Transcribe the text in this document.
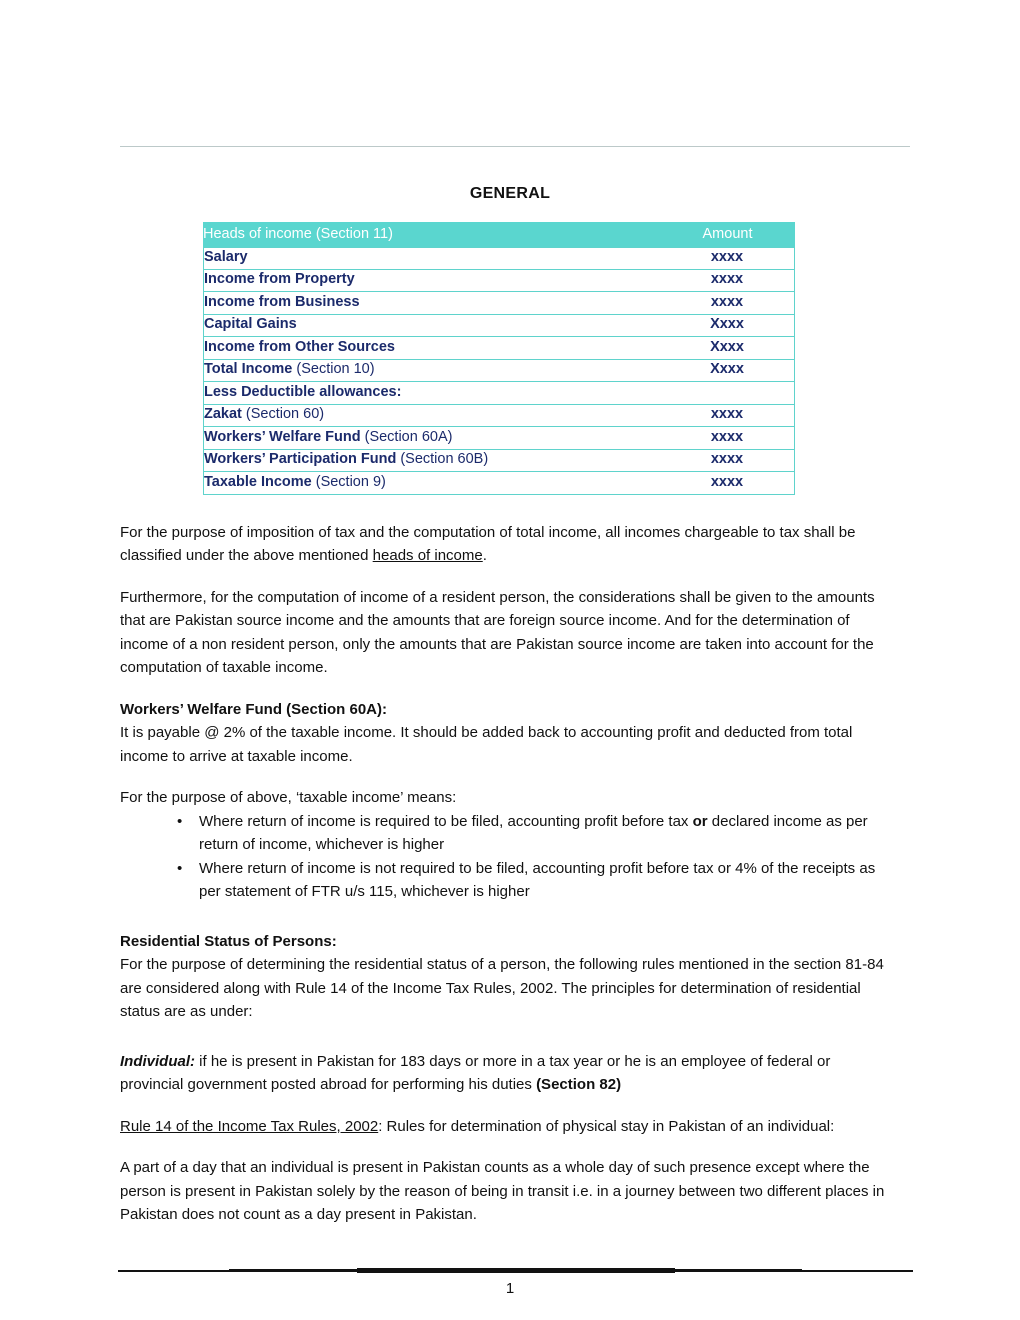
GENERAL
Heads of income (Section 11)	Amount
Salary	xxxx
Income from Property	xxxx
Income from Business	xxxx
Capital Gains	Xxxx
Income from Other Sources	Xxxx
Total Income (Section 10)	Xxxx
Less Deductible allowances:	
Zakat (Section 60)	xxxx
Workers’ Welfare Fund (Section 60A)	xxxx
Workers’ Participation Fund (Section 60B)	xxxx
Taxable Income (Section 9)	xxxx

For the purpose of imposition of tax and the computation of total income, all incomes chargeable to tax shall be classified under the above mentioned heads of income.

Furthermore, for the computation of income of a resident person, the considerations shall be given to the amounts that are Pakistan source income and the amounts that are foreign source income. And for the determination of income of a non resident person, only the amounts that are Pakistan source income are taken into account for the computation of taxable income.

Workers’ Welfare Fund (Section 60A):

It is payable @ 2% of the taxable income. It should be added back to accounting profit and deducted from total income to arrive at taxable income.

For the purpose of above, ‘taxable income’ means:

• Where return of income is required to be filed, accounting profit before tax or declared income as per return of income, whichever is higher
• Where return of income is not required to be filed, accounting profit before tax or 4% of the receipts as per statement of FTR u/s 115, whichever is higher

Residential Status of Persons:

For the purpose of determining the residential status of a person, the following rules mentioned in the section 81-84 are considered along with Rule 14 of the Income Tax Rules, 2002. The principles for determination of residential status are as under:

Individual: if he is present in Pakistan for 183 days or more in a tax year or he is an employee of federal or provincial government posted abroad for performing his duties (Section 82)

Rule 14 of the Income Tax Rules, 2002: Rules for determination of physical stay in Pakistan of an individual:

A part of a day that an individual is present in Pakistan counts as a whole day of such presence except where the person is present in Pakistan solely by the reason of being in transit i.e. in a journey between two different places in Pakistan does not count as a day present in Pakistan.

1
